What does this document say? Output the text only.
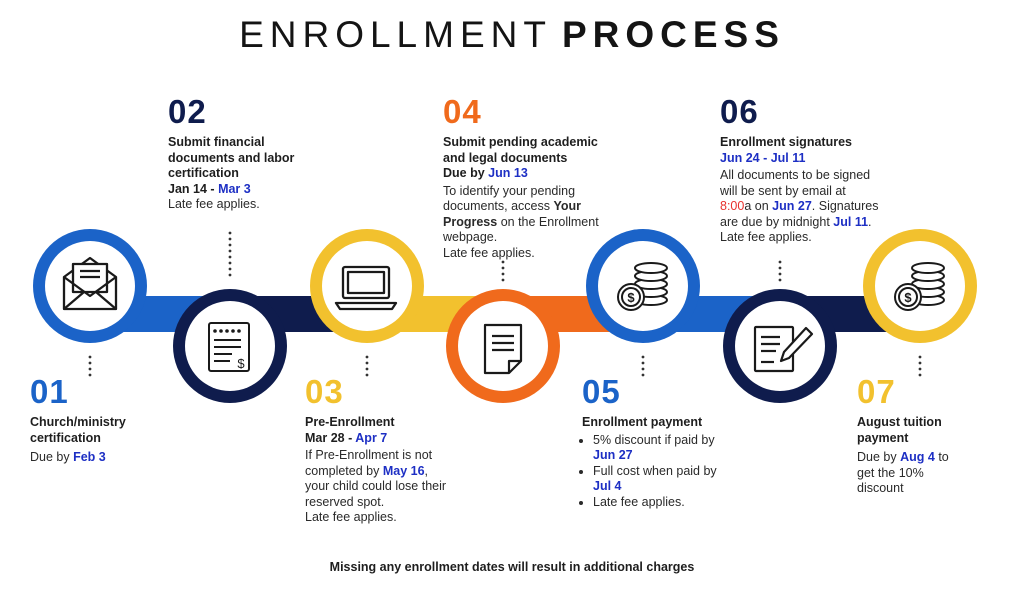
ENROLLMENT PROCESS
$
$	$
01
Church/ministry certification
Due by Feb 3
02
Submit financial documents and labor certification
Jan 14 - Mar 3
Late fee applies.
03
Pre-Enrollment
Mar 28 - Apr 7
If Pre-Enrollment is not completed by May 16, your child could lose their reserved spot.
Late fee applies.
04
Submit pending academic and legal documents
Due by Jun 13
To identify your pending documents, access Your Progress on the Enrollment webpage.
Late fee applies.
05
Enrollment payment
• 5% discount if paid by Jun 27
• Full cost when paid by Jul 4
• Late fee applies.
06
Enrollment signatures
Jun 24 - Jul 11
All documents to be signed will be sent by email at 8:00a on Jun 27. Signatures are due by midnight Jul 11.
Late fee applies.
07
August tuition payment
Due by Aug 4 to get the 10% discount
Missing any enrollment dates will result in additional charges
